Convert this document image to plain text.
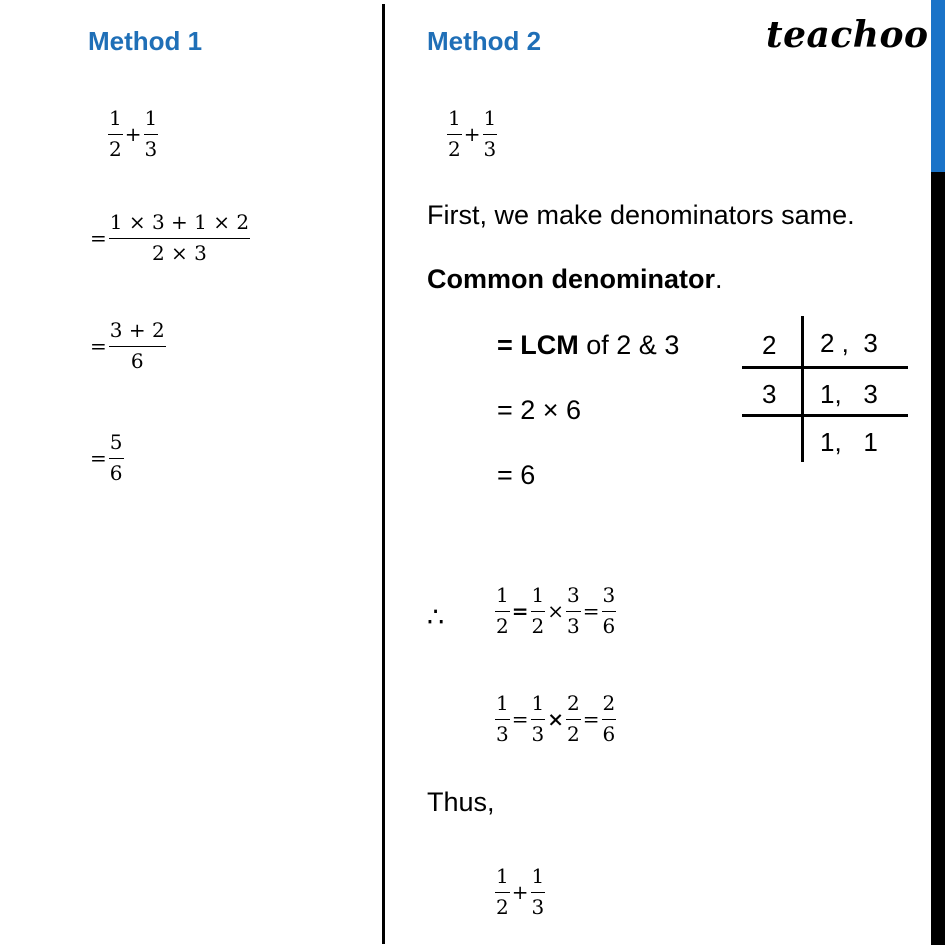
teachoo
Method 1
$\frac{1}{2} + \frac{1}{3}$
= $\frac{1 \times 3 + 1 \times 2}{2 \times 3}$
= $\frac{3 + 2}{6}$
= $\frac{5}{6}$
Method 2
$\frac{1}{2} + \frac{1}{3}$
First, we make denominators same.
Common denominator.
= LCM of 2 & 3
= 2 × 6
= 6
2
3
2 ,  3
1,   3
1,   1
∴	$\frac{1}{2} = \frac{1}{2} \times \frac{3}{3} = \frac{3}{6}$
$\frac{1}{3} = \frac{1}{3} \times \frac{2}{2} = \frac{2}{6}$
Thus,
$\frac{1}{2} + \frac{1}{3}$
